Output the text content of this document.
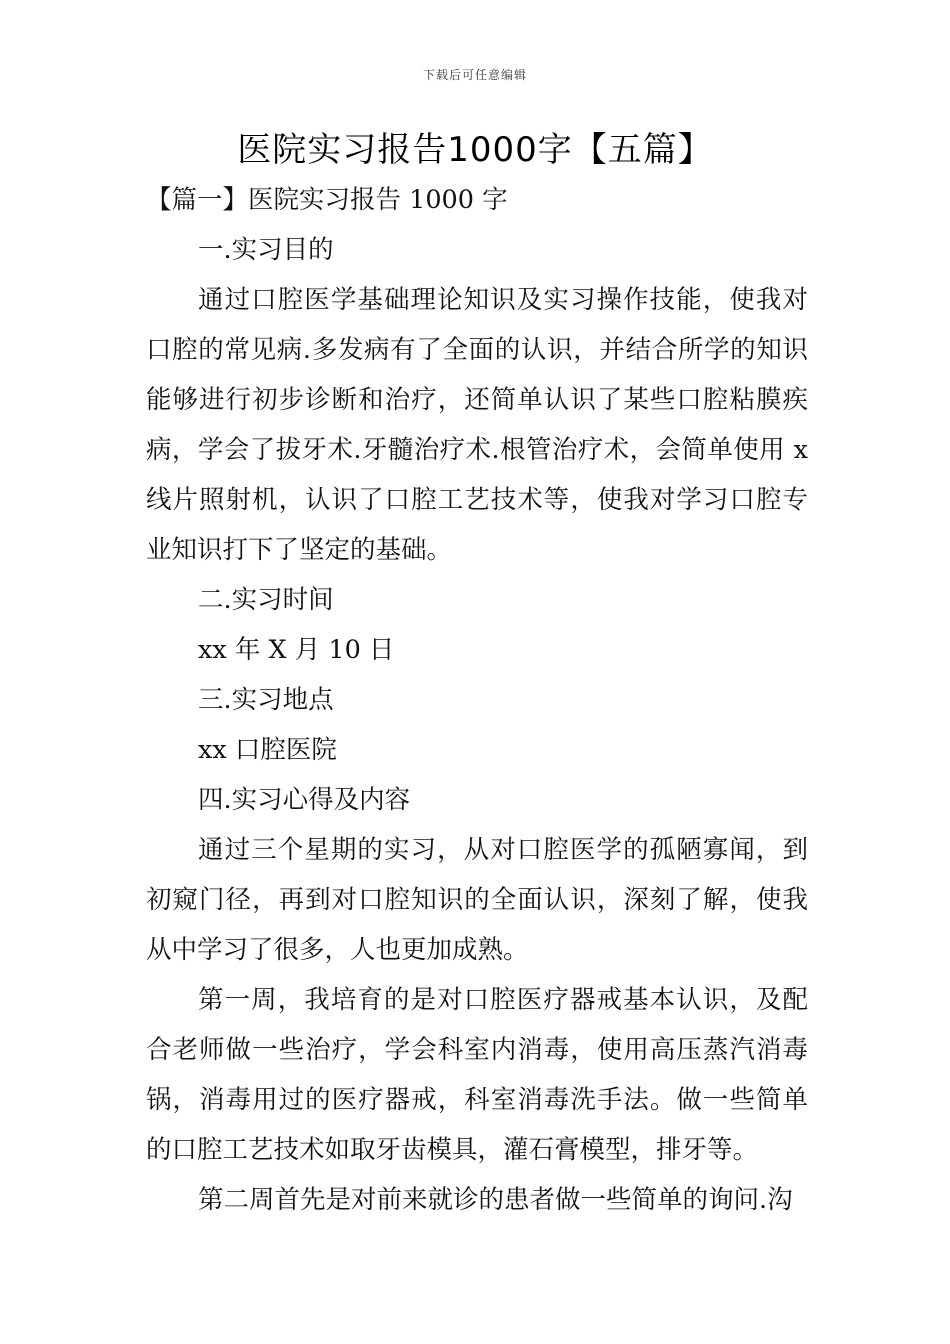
下载后可任意编辑
医院实习报告1000字【五篇】

【篇一】医院实习报告 1000 字

一.实习目的

通过口腔医学基础理论知识及实习操作技能，使我对口腔的常见病.多发病有了全面的认识，并结合所学的知识能够进行初步诊断和治疗，还简单认识了某些口腔粘膜疾病，学会了拔牙术.牙髓治疗术.根管治疗术，会简单使用 x 线片照射机，认识了口腔工艺技术等，使我对学习口腔专业知识打下了坚定的基础。

二.实习时间

xx 年 X 月 10 日

三.实习地点

xx 口腔医院

四.实习心得及内容

通过三个星期的实习，从对口腔医学的孤陋寡闻，到初窥门径，再到对口腔知识的全面认识，深刻了解，使我从中学习了很多，人也更加成熟。

第一周，我培育的是对口腔医疗器戒基本认识，及配合老师做一些治疗，学会科室内消毒，使用高压蒸汽消毒锅，消毒用过的医疗器戒，科室消毒洗手法。做一些简单的口腔工艺技术如取牙齿模具，灌石膏模型，排牙等。

第二周首先是对前来就诊的患者做一些简单的询问.沟
